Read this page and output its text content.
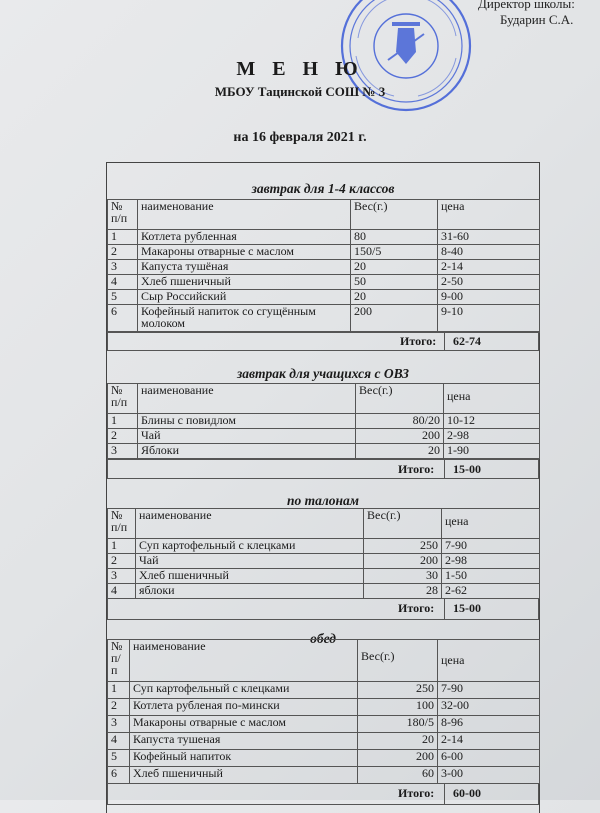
Директор школы:
Бударин С.А.
М Е Н Ю
МБОУ Тацинской СОШ № 3
на 16 февраля 2021 г.
завтрак для 1-4 классов
№ п/п	наименование	Вес(г.)	цена
1	Котлета рубленная	80	31-60
2	Макароны отварные с маслом	150/5	8-40
3	Капуста тушёная	20	2-14
4	Хлеб пшеничный	50	2-50
5	Сыр Российский	20	9-00
6	Кофейный напиток со сгущённым молоком	200	9-10
Итого: 62-74
завтрак для учащихся с ОВЗ
№ п/п	наименование	Вес(г.)	цена
1	Блины с повидлом	80/20	10-12
2	Чай	200	2-98
3	Яблоки	20	1-90
Итого: 15-00
по талонам
№ п/п	наименование	Вес(г.)	цена
1	Суп картофельный с клецками	250	7-90
2	Чай	200	2-98
3	Хлеб пшеничный	30	1-50
4	яблоки	28	2-62
Итого: 15-00
обед
№ п/п	наименование	Вес(г.)	цена
1	Суп картофельный с клецками	250	7-90
2	Котлета рубленая по-мински	100	32-00
3	Макароны отварные с маслом	180/5	8-96
4	Капуста тушеная	20	2-14
5	Кофейный напиток	200	6-00
6	Хлеб пшеничный	60	3-00
Итого: 60-00
